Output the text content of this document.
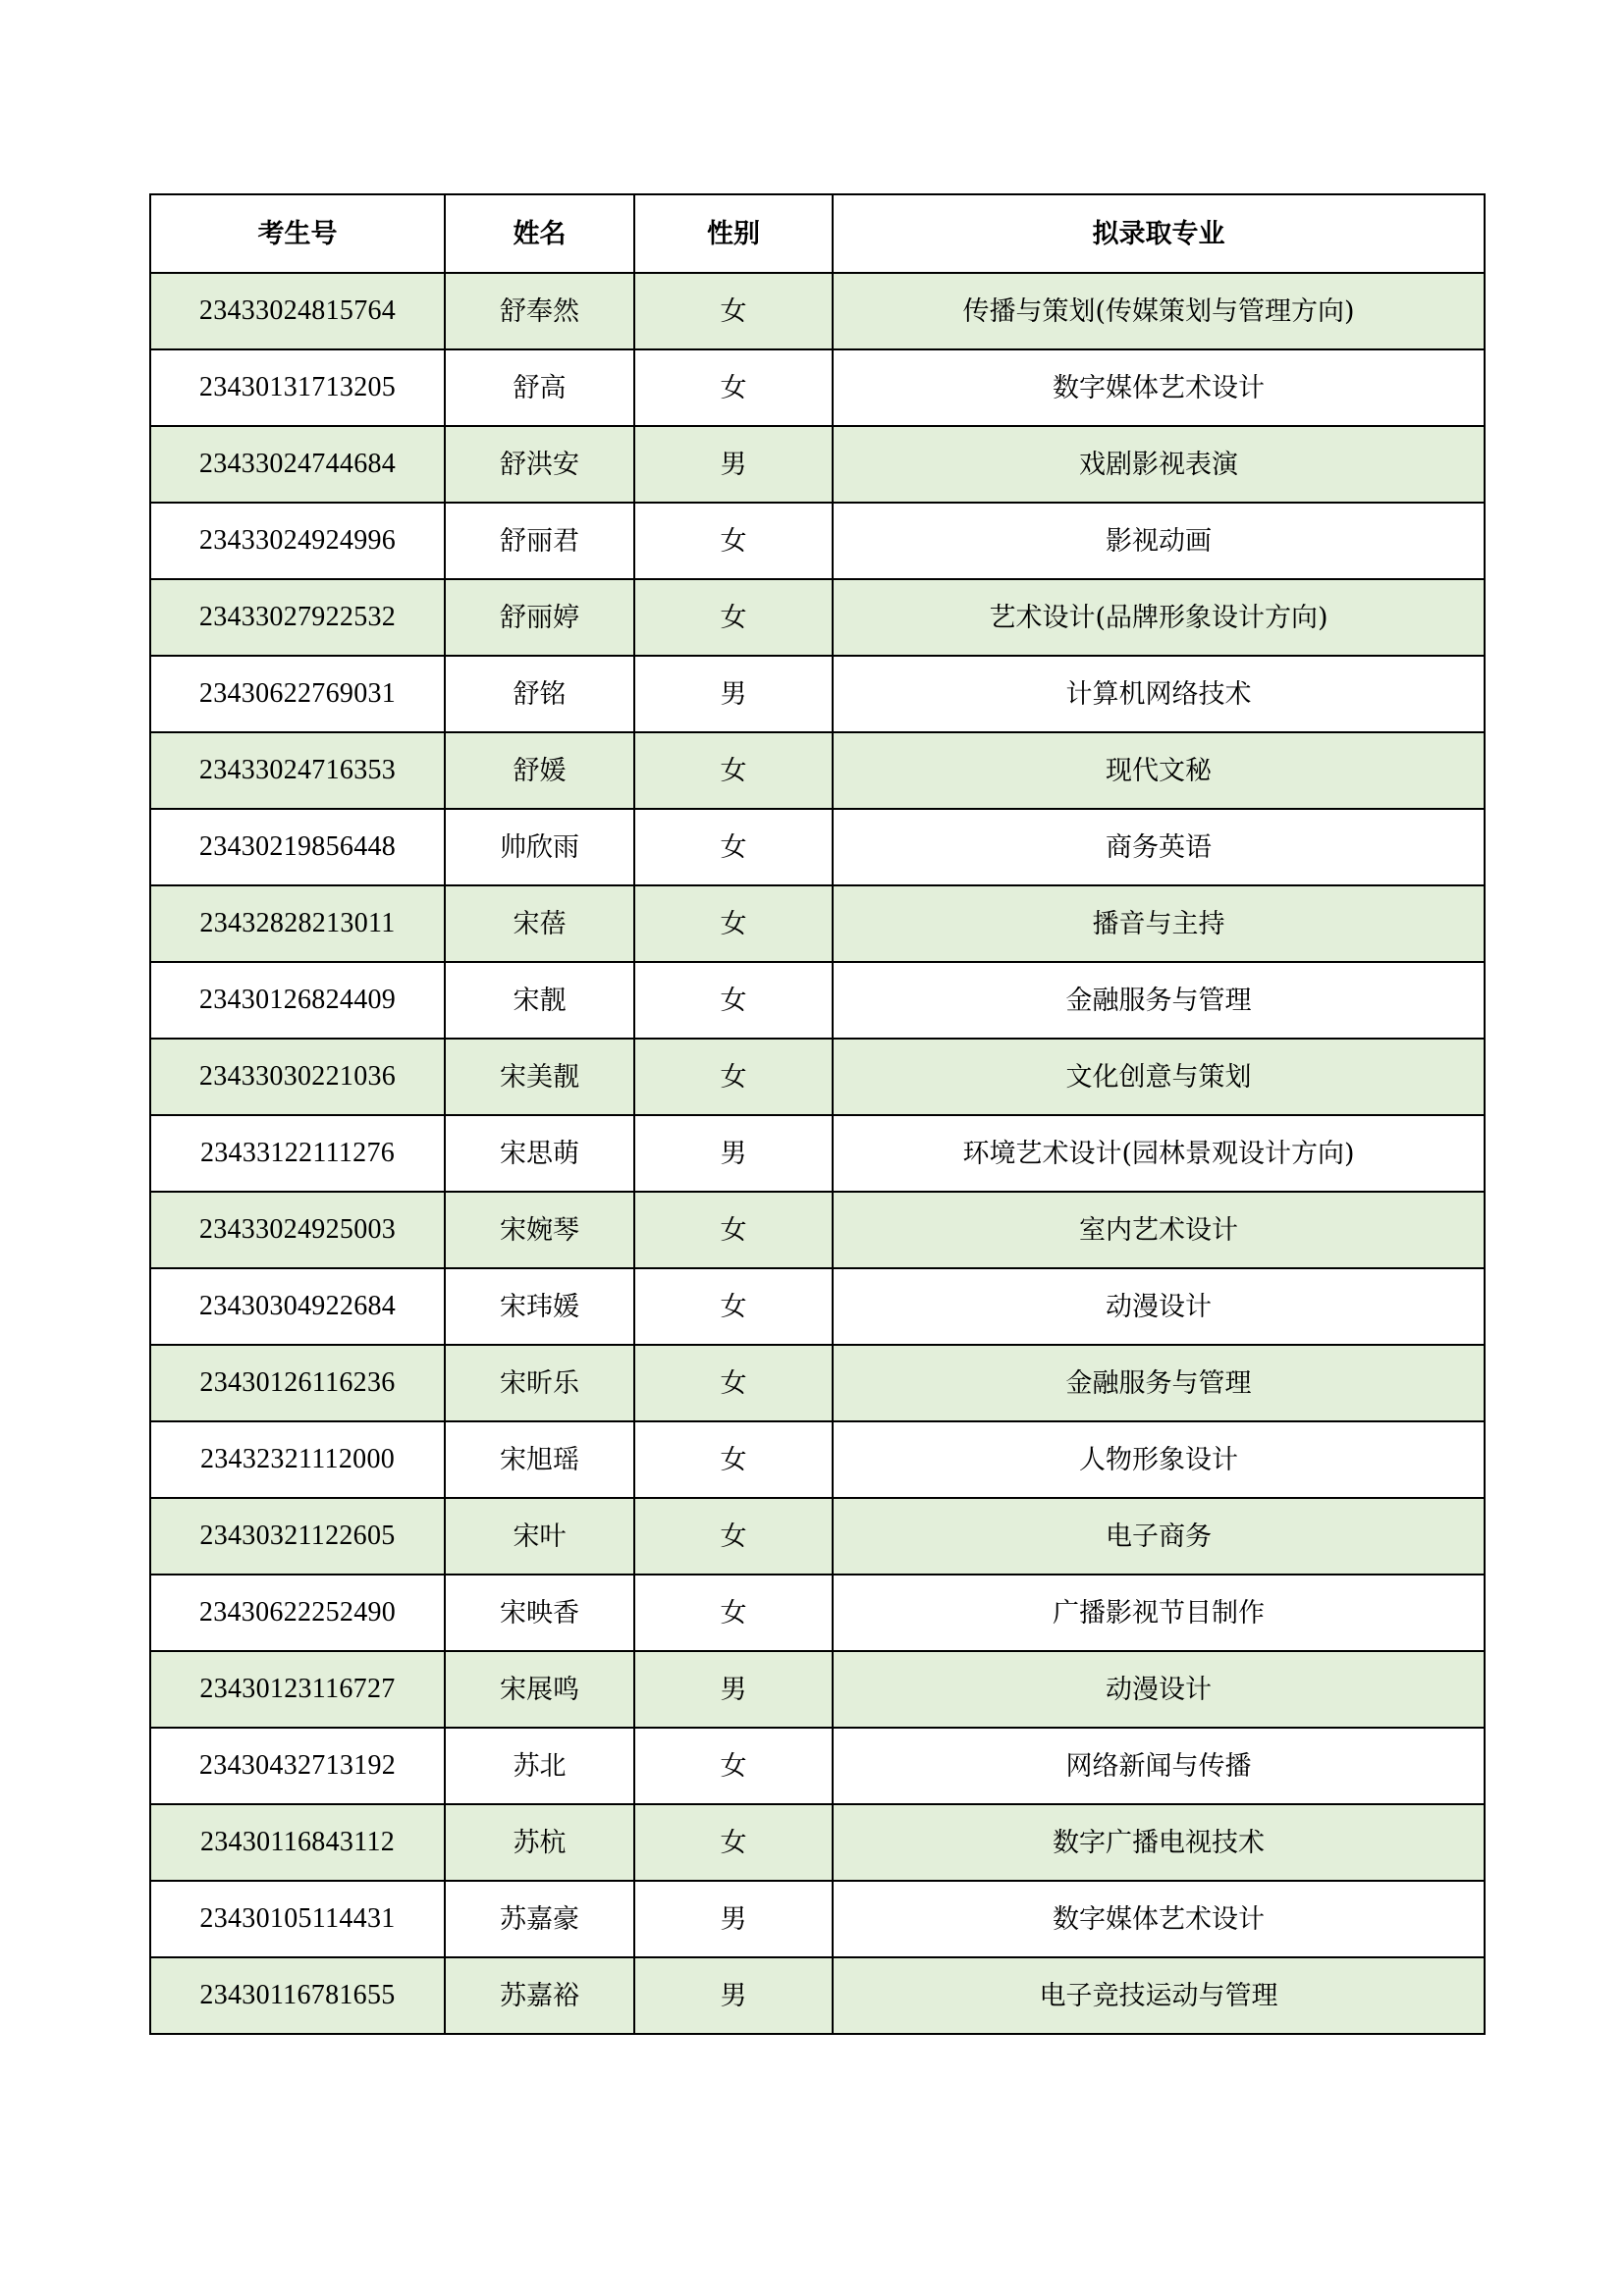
考生号	姓名	性别	拟录取专业
23433024815764	舒奉然	女	传播与策划(传媒策划与管理方向)
23430131713205	舒高	女	数字媒体艺术设计
23433024744684	舒洪安	男	戏剧影视表演
23433024924996	舒丽君	女	影视动画
23433027922532	舒丽婷	女	艺术设计(品牌形象设计方向)
23430622769031	舒铭	男	计算机网络技术
23433024716353	舒媛	女	现代文秘
23430219856448	帅欣雨	女	商务英语
23432828213011	宋蓓	女	播音与主持
23430126824409	宋靓	女	金融服务与管理
23433030221036	宋美靓	女	文化创意与策划
23433122111276	宋思萌	男	环境艺术设计(园林景观设计方向)
23433024925003	宋婉琴	女	室内艺术设计
23430304922684	宋玮媛	女	动漫设计
23430126116236	宋昕乐	女	金融服务与管理
23432321112000	宋旭瑶	女	人物形象设计
23430321122605	宋叶	女	电子商务
23430622252490	宋映香	女	广播影视节目制作
23430123116727	宋展鸣	男	动漫设计
23430432713192	苏北	女	网络新闻与传播
23430116843112	苏杭	女	数字广播电视技术
23430105114431	苏嘉豪	男	数字媒体艺术设计
23430116781655	苏嘉裕	男	电子竞技运动与管理
